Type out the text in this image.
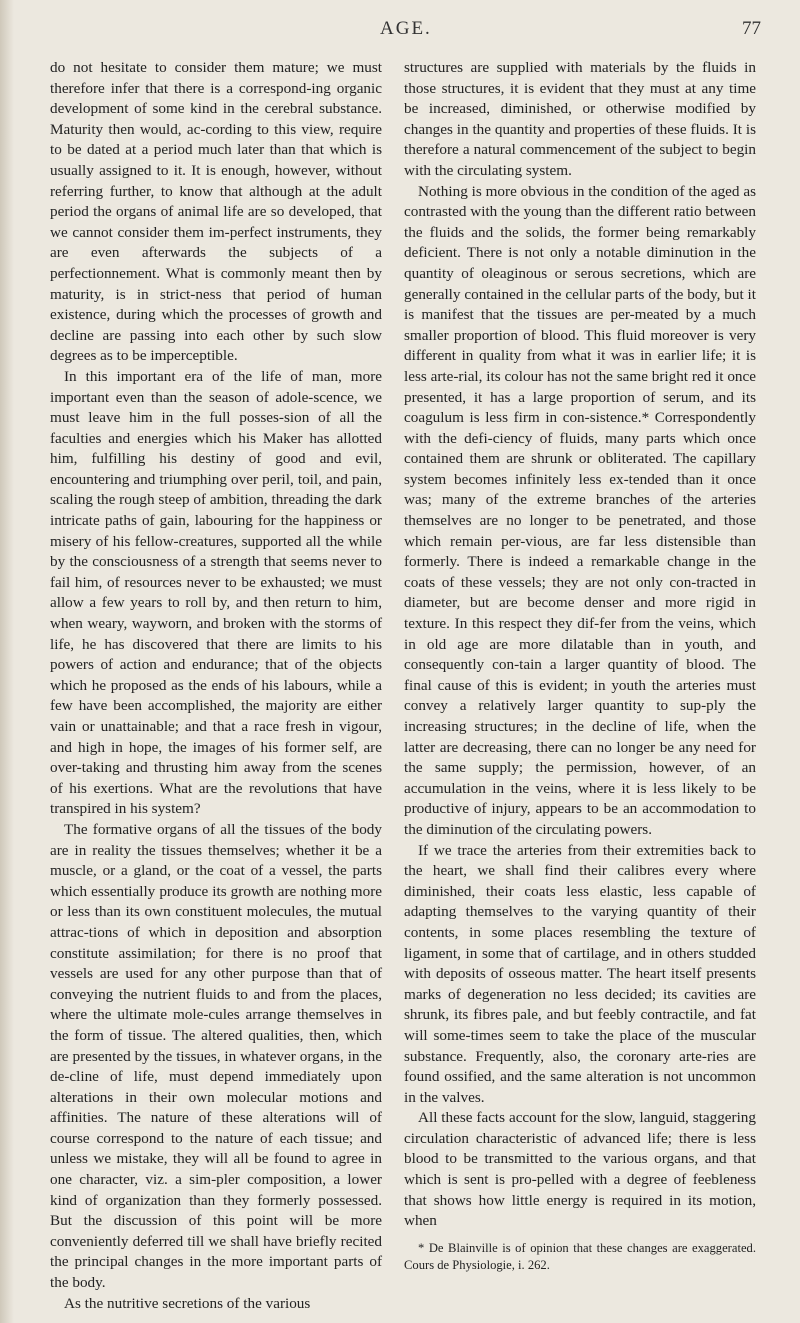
AGE.	77

do not hesitate to consider them mature; we must therefore infer that there is a correspond-ing organic development of some kind in the cerebral substance. Maturity then would, ac-cording to this view, require to be dated at a period much later than that which is usually assigned to it. It is enough, however, without referring further, to know that although at the adult period the organs of animal life are so developed, that we cannot consider them im-perfect instruments, they are even afterwards the subjects of a perfectionnement. What is commonly meant then by maturity, is in strict-ness that period of human existence, during which the processes of growth and decline are passing into each other by such slow degrees as to be imperceptible.

In this important era of the life of man, more important even than the season of adole-scence, we must leave him in the full posses-sion of all the faculties and energies which his Maker has allotted him, fulfilling his destiny of good and evil, encountering and triumphing over peril, toil, and pain, scaling the rough steep of ambition, threading the dark intricate paths of gain, labouring for the happiness or misery of his fellow-creatures, supported all the while by the consciousness of a strength that seems never to fail him, of resources never to be exhausted; we must allow a few years to roll by, and then return to him, when weary, wayworn, and broken with the storms of life, he has discovered that there are limits to his powers of action and endurance; that of the objects which he proposed as the ends of his labours, while a few have been accomplished, the majority are either vain or unattainable; and that a race fresh in vigour, and high in hope, the images of his former self, are over-taking and thrusting him away from the scenes of his exertions. What are the revolutions that have transpired in his system?

The formative organs of all the tissues of the body are in reality the tissues themselves; whether it be a muscle, or a gland, or the coat of a vessel, the parts which essentially produce its growth are nothing more or less than its own constituent molecules, the mutual attrac-tions of which in deposition and absorption constitute assimilation; for there is no proof that vessels are used for any other purpose than that of conveying the nutrient fluids to and from the places, where the ultimate mole-cules arrange themselves in the form of tissue. The altered qualities, then, which are presented by the tissues, in whatever organs, in the de-cline of life, must depend immediately upon alterations in their own molecular motions and affinities. The nature of these alterations will of course correspond to the nature of each tissue; and unless we mistake, they will all be found to agree in one character, viz. a sim-pler composition, a lower kind of organization than they formerly possessed. But the discussion of this point will be more conveniently deferred till we shall have briefly recited the principal changes in the more important parts of the body.

As the nutritive secretions of the various

structures are supplied with materials by the fluids in those structures, it is evident that they must at any time be increased, diminished, or otherwise modified by changes in the quantity and properties of these fluids. It is therefore a natural commencement of the subject to begin with the circulating system.

Nothing is more obvious in the condition of the aged as contrasted with the young than the different ratio between the fluids and the solids, the former being remarkably deficient. There is not only a notable diminution in the quantity of oleaginous or serous secretions, which are generally contained in the cellular parts of the body, but it is manifest that the tissues are per-meated by a much smaller proportion of blood. This fluid moreover is very different in quality from what it was in earlier life; it is less arte-rial, its colour has not the same bright red it once presented, it has a large proportion of serum, and its coagulum is less firm in con-sistence.* Correspondently with the defi-ciency of fluids, many parts which once contained them are shrunk or obliterated. The capillary system becomes infinitely less ex-tended than it once was; many of the extreme branches of the arteries themselves are no longer to be penetrated, and those which remain per-vious, are far less distensible than formerly. There is indeed a remarkable change in the coats of these vessels; they are not only con-tracted in diameter, but are become denser and more rigid in texture. In this respect they dif-fer from the veins, which in old age are more dilatable than in youth, and consequently con-tain a larger quantity of blood. The final cause of this is evident; in youth the arteries must convey a relatively larger quantity to sup-ply the increasing structures; in the decline of life, when the latter are decreasing, there can no longer be any need for the same supply; the permission, however, of an accumulation in the veins, where it is less likely to be productive of injury, appears to be an accommodation to the diminution of the circulating powers.

If we trace the arteries from their extremities back to the heart, we shall find their calibres every where diminished, their coats less elastic, less capable of adapting themselves to the varying quantity of their contents, in some places resembling the texture of ligament, in some that of cartilage, and in others studded with deposits of osseous matter. The heart itself presents marks of degeneration no less decided; its cavities are shrunk, its fibres pale, and but feebly contractile, and fat will some-times seem to take the place of the muscular substance. Frequently, also, the coronary arte-ries are found ossified, and the same alteration is not uncommon in the valves.

All these facts account for the slow, languid, staggering circulation characteristic of advanced life; there is less blood to be transmitted to the various organs, and that which is sent is pro-pelled with a degree of feebleness that shows how little energy is required in its motion, when

* De Blainville is of opinion that these changes are exaggerated. Cours de Physiologie, i. 262.
